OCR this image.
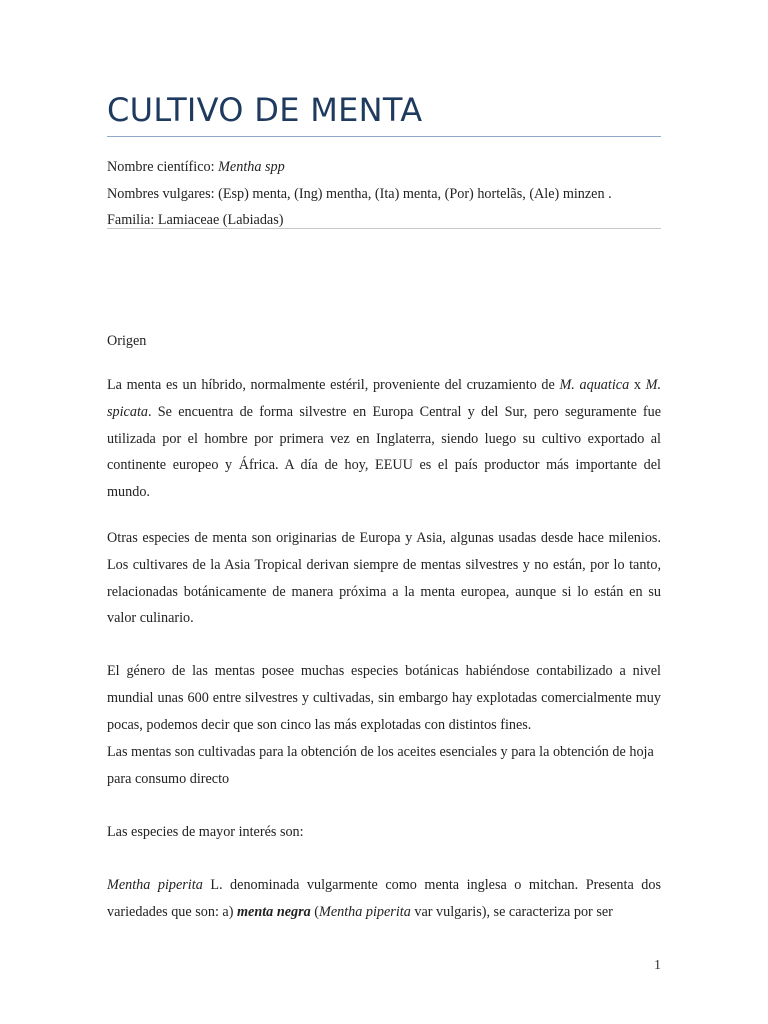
CULTIVO DE MENTA
Nombre científico: Mentha spp
Nombres vulgares: (Esp) menta, (Ing) mentha, (Ita) menta, (Por) hortelãs, (Ale) minzen .
Familia: Lamiaceae (Labiadas)
Origen

La menta es un híbrido, normalmente estéril, proveniente del cruzamiento de M. aquatica x M. spicata. Se encuentra de forma silvestre en Europa Central y del Sur, pero seguramente fue utilizada por el hombre por primera vez en Inglaterra, siendo luego su cultivo exportado al continente europeo y África. A día de hoy, EEUU es el país productor más importante del mundo.

Otras especies de menta son originarias de Europa y Asia, algunas usadas desde hace milenios. Los cultivares de la Asia Tropical derivan siempre de mentas silvestres y no están, por lo tanto, relacionadas botánicamente de manera próxima a la menta europea, aunque si lo están en su valor culinario.

El género de las mentas posee muchas especies botánicas habiéndose contabilizado a nivel mundial unas 600 entre silvestres y cultivadas, sin embargo hay explotadas comercialmente muy pocas, podemos decir que son cinco las más explotadas con distintos fines.

Las mentas son cultivadas para la obtención de los aceites esenciales y para la obtención de hoja para consumo directo

Las especies de mayor interés son:

Mentha piperita L. denominada vulgarmente como menta inglesa o mitchan. Presenta dos variedades que son: a) menta negra (Mentha piperita var vulgaris), se caracteriza por ser

1
